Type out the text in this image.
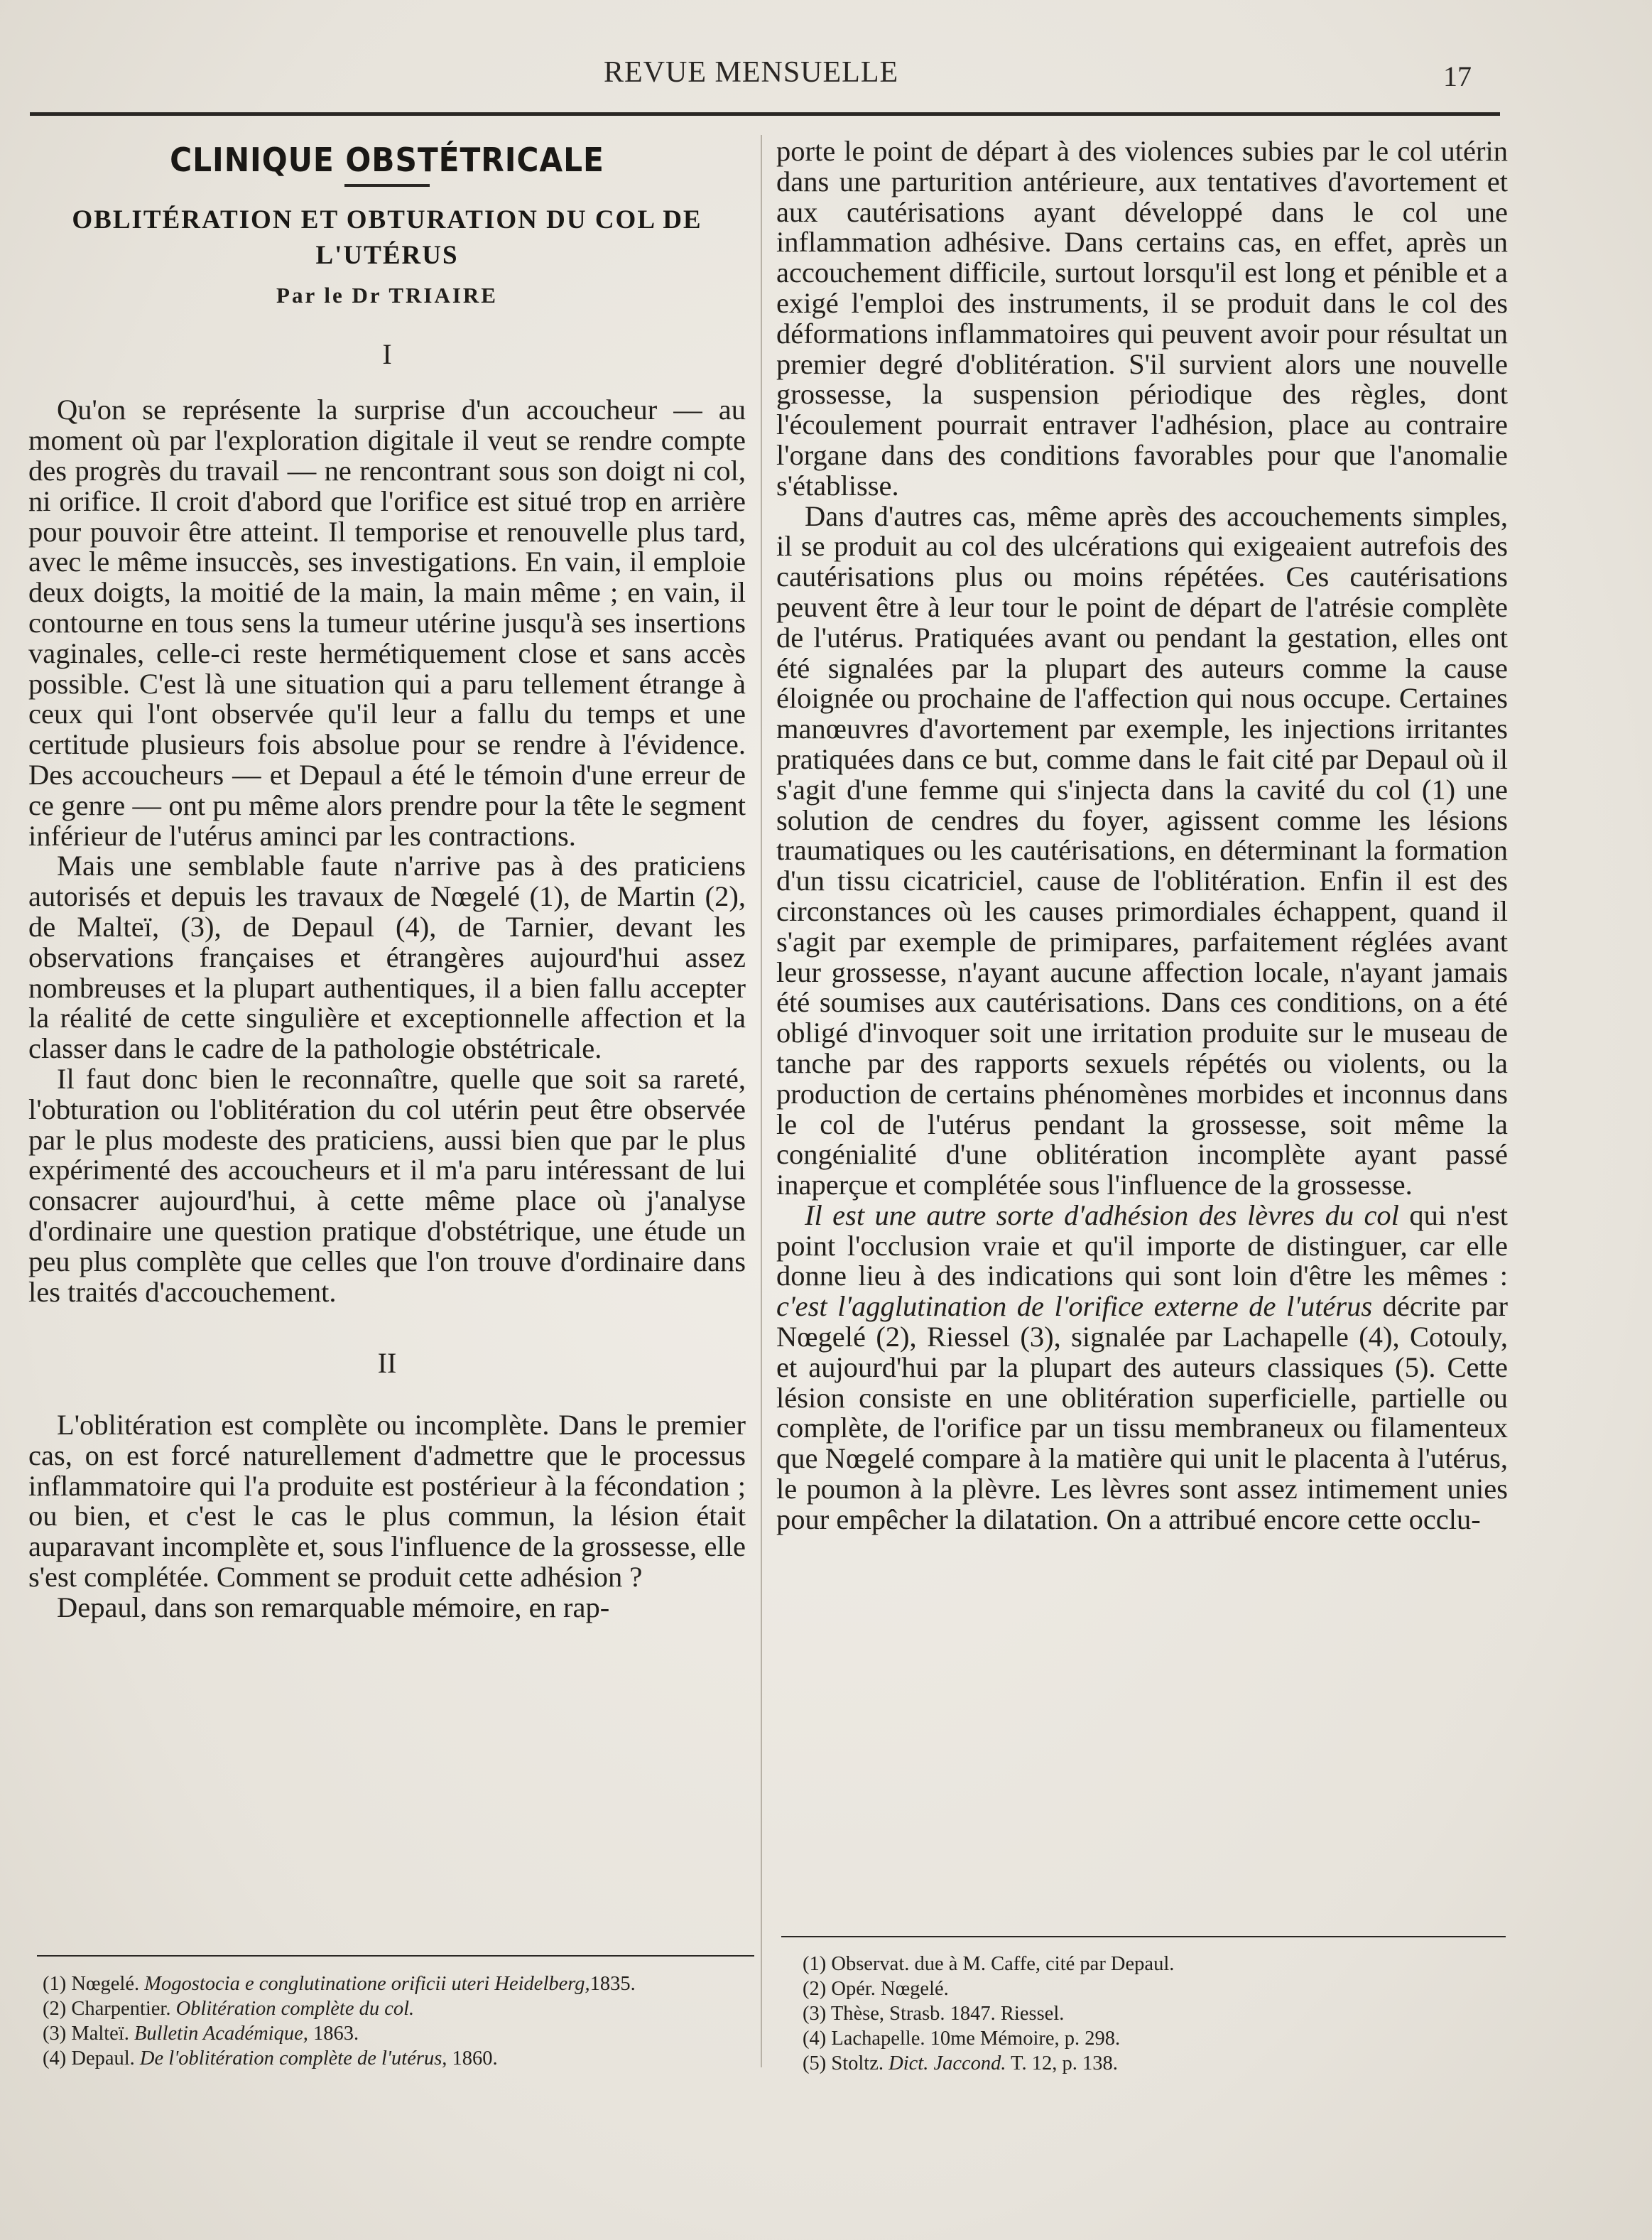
REVUE MENSUELLE	17
CLINIQUE OBSTÉTRICALE
OBLITÉRATION ET OBTURATION DU COL DE
L'UTÉRUS
Par le Dr TRIAIRE
I

Qu'on se représente la surprise d'un accoucheur — au moment où par l'exploration digitale il veut se rendre compte des progrès du travail — ne rencontrant sous son doigt ni col, ni orifice. Il croit d'abord que l'orifice est situé trop en arrière pour pouvoir être atteint. Il temporise et renouvelle plus tard, avec le même insuccès, ses investigations. En vain, il emploie deux doigts, la moitié de la main, la main même ; en vain, il contourne en tous sens la tumeur utérine jusqu'à ses insertions vaginales, celle-ci reste hermétiquement close et sans accès possible. C'est là une situation qui a paru tellement étrange à ceux qui l'ont observée qu'il leur a fallu du temps et une certitude plusieurs fois absolue pour se rendre à l'évidence. Des accoucheurs — et Depaul a été le témoin d'une erreur de ce genre — ont pu même alors prendre pour la tête le segment inférieur de l'utérus aminci par les contractions.

Mais une semblable faute n'arrive pas à des praticiens autorisés et depuis les travaux de Nœgelé (1), de Martin (2), de Malteï, (3), de Depaul (4), de Tarnier, devant les observations françaises et étrangères aujourd'hui assez nombreuses et la plupart authentiques, il a bien fallu accepter la réalité de cette singulière et exceptionnelle affection et la classer dans le cadre de la pathologie obstétricale.

Il faut donc bien le reconnaître, quelle que soit sa rareté, l'obturation ou l'oblitération du col utérin peut être observée par le plus modeste des praticiens, aussi bien que par le plus expérimenté des accoucheurs et il m'a paru intéressant de lui consacrer aujourd'hui, à cette même place où j'analyse d'ordinaire une question pratique d'obstétrique, une étude un peu plus complète que celles que l'on trouve d'ordinaire dans les traités d'accouchement.

II

L'oblitération est complète ou incomplète. Dans le premier cas, on est forcé naturellement d'admettre que le processus inflammatoire qui l'a produite est postérieur à la fécondation ; ou bien, et c'est le cas le plus commun, la lésion était auparavant incomplète et, sous l'influence de la grossesse, elle s'est complétée. Comment se produit cette adhésion ?

Depaul, dans son remarquable mémoire, en rap-

porte le point de départ à des violences subies par le col utérin dans une parturition antérieure, aux tentatives d'avortement et aux cautérisations ayant développé dans le col une inflammation adhésive. Dans certains cas, en effet, après un accouchement difficile, surtout lorsqu'il est long et pénible et a exigé l'emploi des instruments, il se produit dans le col des déformations inflammatoires qui peuvent avoir pour résultat un premier degré d'oblitération. S'il survient alors une nouvelle grossesse, la suspension périodique des règles, dont l'écoulement pourrait entraver l'adhésion, place au contraire l'organe dans des conditions favorables pour que l'anomalie s'établisse.

Dans d'autres cas, même après des accouchements simples, il se produit au col des ulcérations qui exigeaient autrefois des cautérisations plus ou moins répétées. Ces cautérisations peuvent être à leur tour le point de départ de l'atrésie complète de l'utérus. Pratiquées avant ou pendant la gestation, elles ont été signalées par la plupart des auteurs comme la cause éloignée ou prochaine de l'affection qui nous occupe. Certaines manœuvres d'avortement par exemple, les injections irritantes pratiquées dans ce but, comme dans le fait cité par Depaul où il s'agit d'une femme qui s'injecta dans la cavité du col (1) une solution de cendres du foyer, agissent comme les lésions traumatiques ou les cautérisations, en déterminant la formation d'un tissu cicatriciel, cause de l'oblitération. Enfin il est des circonstances où les causes primordiales échappent, quand il s'agit par exemple de primipares, parfaitement réglées avant leur grossesse, n'ayant aucune affection locale, n'ayant jamais été soumises aux cautérisations. Dans ces conditions, on a été obligé d'invoquer soit une irritation produite sur le museau de tanche par des rapports sexuels répétés ou violents, ou la production de certains phénomènes morbides et inconnus dans le col de l'utérus pendant la grossesse, soit même la congénialité d'une oblitération incomplète ayant passé inaperçue et complétée sous l'influence de la grossesse.

Il est une autre sorte d'adhésion des lèvres du col qui n'est point l'occlusion vraie et qu'il importe de distinguer, car elle donne lieu à des indications qui sont loin d'être les mêmes : c'est l'agglutination de l'orifice externe de l'utérus décrite par Nœgelé (2), Riessel (3), signalée par Lachapelle (4), Cotouly, et aujourd'hui par la plupart des auteurs classiques (5). Cette lésion consiste en une oblitération superficielle, partielle ou complète, de l'orifice par un tissu membraneux ou filamenteux que Nœgelé compare à la matière qui unit le placenta à l'utérus, le poumon à la plèvre. Les lèvres sont assez intimement unies pour empêcher la dilatation. On a attribué encore cette occlu-

(1) Nœgelé. Mogostocia e conglutinatione orificii uteri Heidelberg,1835.
(2) Charpentier. Oblitération complète du col.
(3) Malteï. Bulletin Académique, 1863.
(4) Depaul. De l'oblitération complète de l'utérus, 1860.
(1) Observat. due à M. Caffe, cité par Depaul.
(2) Opér. Nœgelé.
(3) Thèse, Strasb. 1847. Riessel.
(4) Lachapelle. 10me Mémoire, p. 298.
(5) Stoltz. Dict. Jaccond. T. 12, p. 138.
